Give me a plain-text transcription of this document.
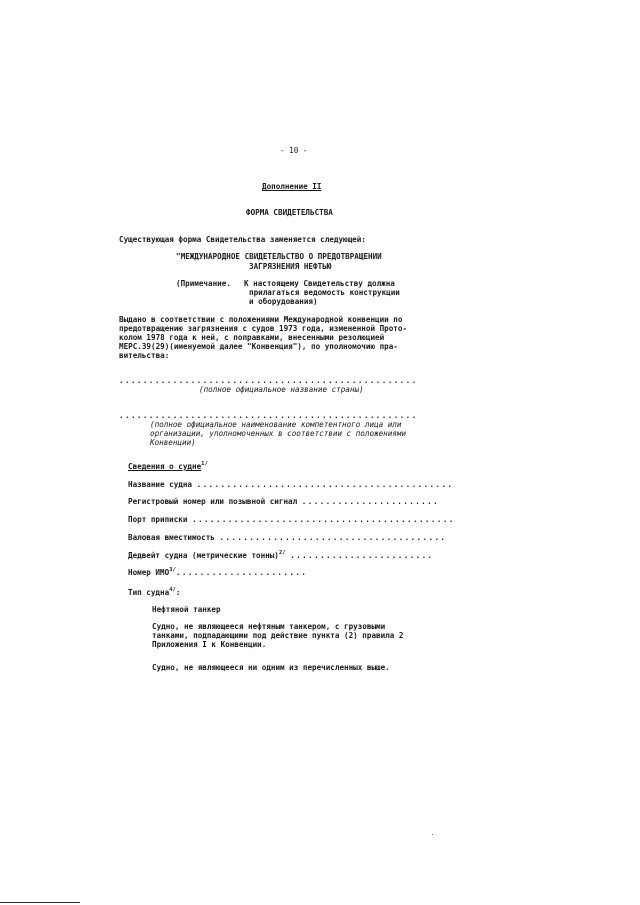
- 10 -
Дополнение II
ФОРМА СВИДЕТЕЛЬСТВА
Существующая форма Свидетельства заменяется следующей:
"МЕЖДУНАРОДНОЕ СВИДЕТЕЛЬСТВО О ПРЕДОТВРАЩЕНИИ
ЗАГРЯЗНЕНИЯ НЕФТЬЮ
(Примечание. К настоящему Свидетельству должна
прилагаться ведомость конструкции
и оборудования)
Выдано в соответствии с положениями Международной конвенции по
предотвращению загрязнения с судов 1973 года, измененной Прото-
колом 1978 года к ней, с поправками, внесенными резолюцией
МЕРС.39(29)(именуемой далее "Конвенция"), по уполномочию пра-
вительства:
..................................................
(полное официальное название страны)
..................................................
(полное официальное наименование компетентного лица или
организации, уполномоченных в соответствии с положениями
Конвенции)
Сведения о судне$^{1/}$
Название судна ...........................................
Регистровый номер или позывной сигнал .......................
Порт приписки ............................................
Валовая вместимость ......................................
Дедвейт судна (метрические тонны)$^{2/}$ ........................
Номер $ИМО^{3/}$......................
Тип судна$^{4/}$:
Нефтяной танкер
Судно, не являющееся нефтяным танкером, с грузовыми
танками, подпадающими под действие пункта (2) правила 2
Приложения I к Конвенции.
Судно, не являющееся ни одним из перечисленных выше.
